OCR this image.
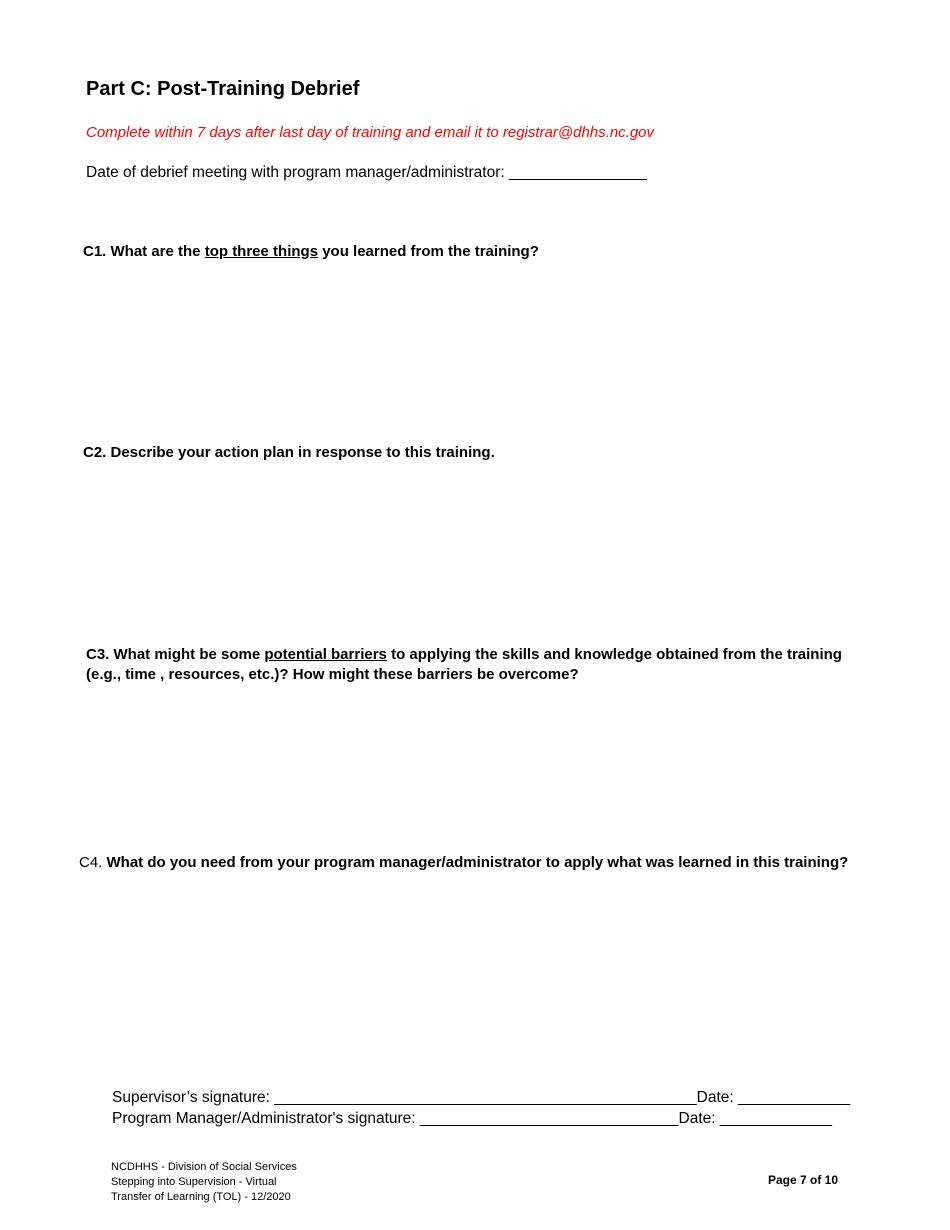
Part C: Post-Training Debrief
Complete within 7 days after last day of training and email it to registrar@dhhs.nc.gov
Date of debrief meeting with program manager/administrator: ________________
C1. What are the top three things you learned from the training?
C2. Describe your action plan in response to this training.
C3. What might be some potential barriers to applying the skills and knowledge obtained from the training
(e.g., time , resources, etc.)? How might these barriers be overcome?
C4. What do you need from your program manager/administrator to apply what was learned in this training?
Supervisor’s signature: _________________________________________________Date: _____________
Program Manager/Administrator's signature: ______________________________Date: _____________
NCDHHS - Division of Social Services
Stepping into Supervision - Virtual
Transfer of Learning (TOL) - 12/2020
Page 7 of 10
